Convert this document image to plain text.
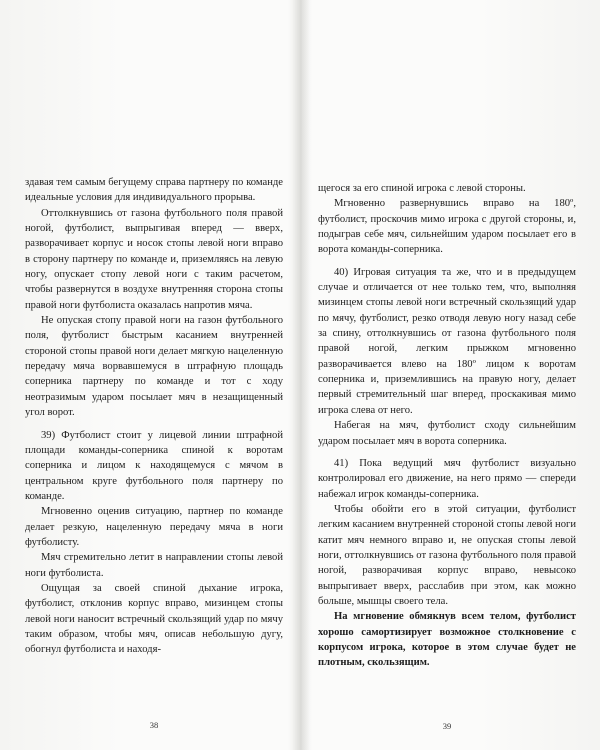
здавая тем самым бегущему справа партнеру по команде идеальные условия для индивидуального прорыва.

Оттолкнувшись от газона футбольного поля правой ногой, футболист, выпрыгивая вперед — вверх, разворачивает корпус и носок стопы левой ноги вправо в сторону партнеру по команде и, приземляясь на левую ногу, опускает стопу левой ноги с таким расчетом, чтобы развернутся в воздухе внутренняя сторона стопы правой ноги футболиста оказалась напротив мяча.

Не опуская стопу правой ноги на газон футбольного поля, футболист быстрым касанием внутренней стороной стопы правой ноги делает мягкую нацеленную передачу мяча ворвавшемуся в штрафную площадь соперника партнеру по команде и тот с ходу неотразимым ударом посылает мяч в незащищенный угол ворот.

39) Футболист стоит у лицевой линии штрафной площади команды-соперника спиной к воротам соперника и лицом к находящемуся с мячом в центральном круге футбольного поля партнеру по команде.

Мгновенно оценив ситуацию, партнер по команде делает резкую, нацеленную передачу мяча в ноги футболисту.

Мяч стремительно летит в направлении стопы левой ноги футболиста.

Ощущая за своей спиной дыхание игрока, футболист, отклонив корпус вправо, мизинцем стопы левой ноги наносит встречный скользящий удар по мячу таким образом, чтобы мяч, описав небольшую дугу, обогнул футболиста и находя-

38

щегося за его спиной игрока с левой стороны.

Мгновенно развернувшись вправо на 180º, футболист, проскочив мимо игрока с другой стороны, и, подыграв себе мяч, сильнейшим ударом посылает его в ворота команды-соперника.

40) Игровая ситуация та же, что и в предыдущем случае и отличается от нее только тем, что, выполняя мизинцем стопы левой ноги встречный скользящий удар по мячу, футболист, резко отводя левую ногу назад себе за спину, оттолкнувшись от газона футбольного поля правой ногой, легким прыжком мгновенно разворачивается влево на 180º лицом к воротам соперника и, приземлившись на правую ногу, делает первый стремительный шаг вперед, проскакивая мимо игрока слева от него.

Набегая на мяч, футболист сходу сильнейшим ударом посылает мяч в ворота соперника.

41) Пока ведущий мяч футболист визуально контролировал его движение, на него прямо — спереди набежал игрок команды-соперника.

Чтобы обойти его в этой ситуации, футболист легким касанием внутренней стороной стопы левой ноги катит мяч немного вправо и, не опуская стопы левой ноги, оттолкнувшись от газона футбольного поля правой ногой, разворачивая корпус вправо, невысоко выпрыгивает вверх, расслабив при этом, как можно больше, мышцы своего тела.

На мгновение обмякнув всем телом, футболист хорошо самортизирует возможное столкновение с корпусом игрока, которое в этом случае будет не плотным, скользящим.

39
